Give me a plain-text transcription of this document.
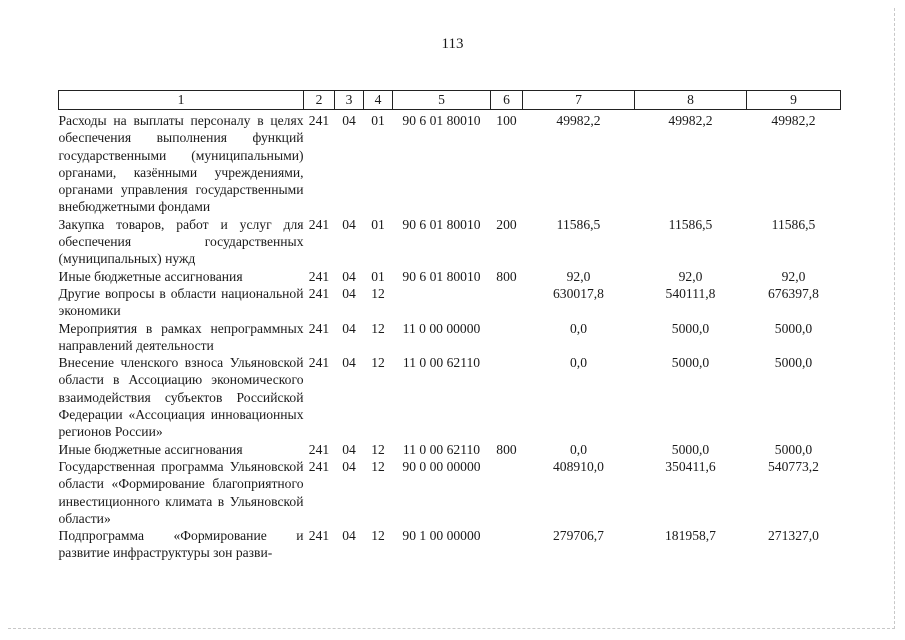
113
1	2	3	4	5	6	7	8	9
Расходы на выплаты персоналу в целях обеспечения выполнения функций государственными (муниципальными) органами, казёнными учреждениями, органами управления государственными внебюджетными фондами	241	04	01	90 6 01 80010	100	49982,2	49982,2	49982,2
Закупка товаров, работ и услуг для обеспечения государственных (муниципальных) нужд	241	04	01	90 6 01 80010	200	11586,5	11586,5	11586,5
Иные бюджетные ассигнования	241	04	01	90 6 01 80010	800	92,0	92,0	92,0
Другие вопросы в области национальной экономики	241	04	12			630017,8	540111,8	676397,8
Мероприятия в рамках непрограммных направлений деятельности	241	04	12	11 0 00 00000		0,0	5000,0	5000,0
Внесение членского взноса Ульяновской области в Ассоциацию экономического взаимодействия субъектов Российской Федерации «Ассоциация инновационных регионов России»	241	04	12	11 0 00 62110		0,0	5000,0	5000,0
Иные бюджетные ассигнования	241	04	12	11 0 00 62110	800	0,0	5000,0	5000,0
Государственная программа Ульяновской области «Формирование благоприятного инвестиционного климата в Ульяновской области»	241	04	12	90 0 00 00000		408910,0	350411,6	540773,2
Подпрограмма «Формирование и развитие инфраструктуры зон разви-	241	04	12	90 1 00 00000		279706,7	181958,7	271327,0
